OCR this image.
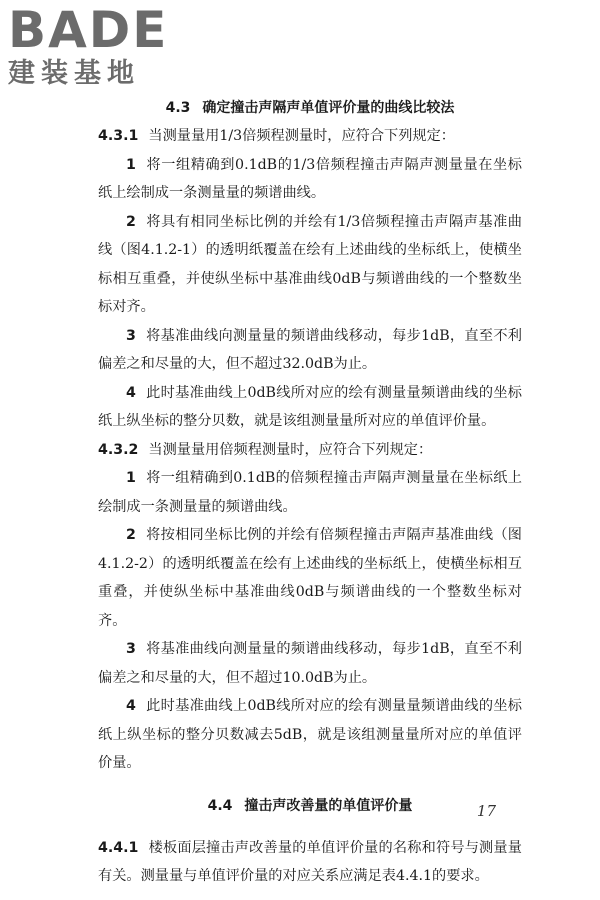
BADE
建装基地
4.3 确定撞击声隔声单值评价量的曲线比较法

4.3.1 当测量量用1/3倍频程测量时，应符合下列规定：

1 将一组精确到0.1dB的1/3倍频程撞击声隔声测量量在坐标纸上绘制成一条测量量的频谱曲线。

2 将具有相同坐标比例的并绘有1/3倍频程撞击声隔声基准曲线（图4.1.2-1）的透明纸覆盖在绘有上述曲线的坐标纸上，使横坐标相互重叠，并使纵坐标中基准曲线0dB与频谱曲线的一个整数坐标对齐。

3 将基准曲线向测量量的频谱曲线移动，每步1dB，直至不利偏差之和尽量的大，但不超过32.0dB为止。

4 此时基准曲线上0dB线所对应的绘有测量量频谱曲线的坐标纸上纵坐标的整分贝数，就是该组测量量所对应的单值评价量。

4.3.2 当测量量用倍频程测量时，应符合下列规定：

1 将一组精确到0.1dB的倍频程撞击声隔声测量量在坐标纸上绘制成一条测量量的频谱曲线。

2 将按相同坐标比例的并绘有倍频程撞击声隔声基准曲线（图4.1.2-2）的透明纸覆盖在绘有上述曲线的坐标纸上，使横坐标相互重叠，并使纵坐标中基准曲线0dB与频谱曲线的一个整数坐标对齐。

3 将基准曲线向测量量的频谱曲线移动，每步1dB，直至不利偏差之和尽量的大，但不超过10.0dB为止。

4 此时基准曲线上0dB线所对应的绘有测量量频谱曲线的坐标纸上纵坐标的整分贝数减去5dB，就是该组测量量所对应的单值评价量。

4.4 撞击声改善量的单值评价量

4.4.1 楼板面层撞击声改善量的单值评价量的名称和符号与测量量有关。测量量与单值评价量的对应关系应满足表4.4.1的要求。

17
